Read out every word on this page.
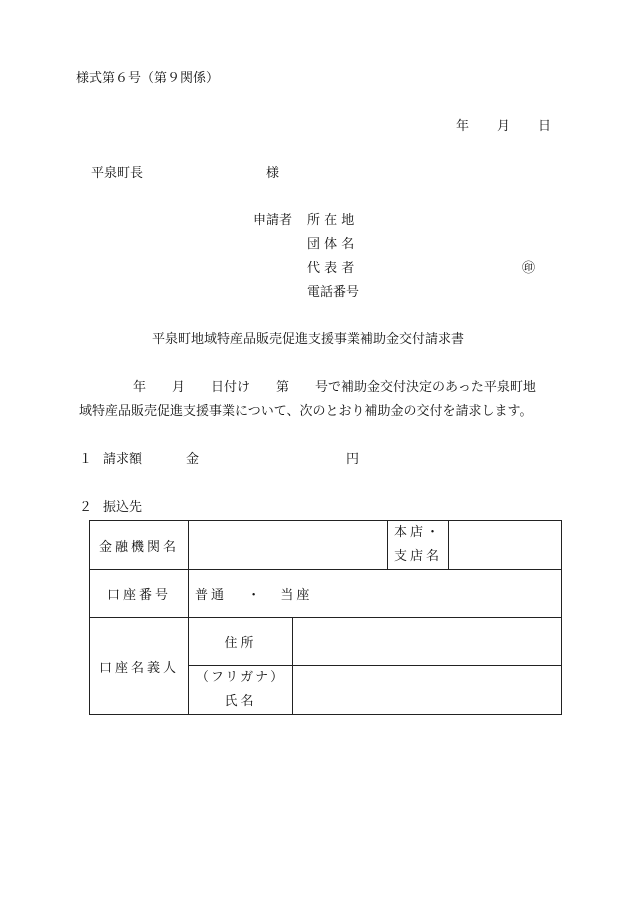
様式第６号（第９関係）
年 月 日
平泉町長	様
申請者 所 在 地
団 体 名
代 表 者	㊞
電話番号
平泉町地域特産品販売促進支援事業補助金交付請求書
年　　月　　日付け　　第　　号で補助金交付決定のあった平泉町地
域特産品販売促進支援事業について、次のとおり補助金の交付を請求します。
１ 請求額	金	円
２ 振込先
金融機関名			本店・
支店名	

口座番号	普通 ・ 当座			
口座名義人	住所			

	（フリガナ）
氏名			
